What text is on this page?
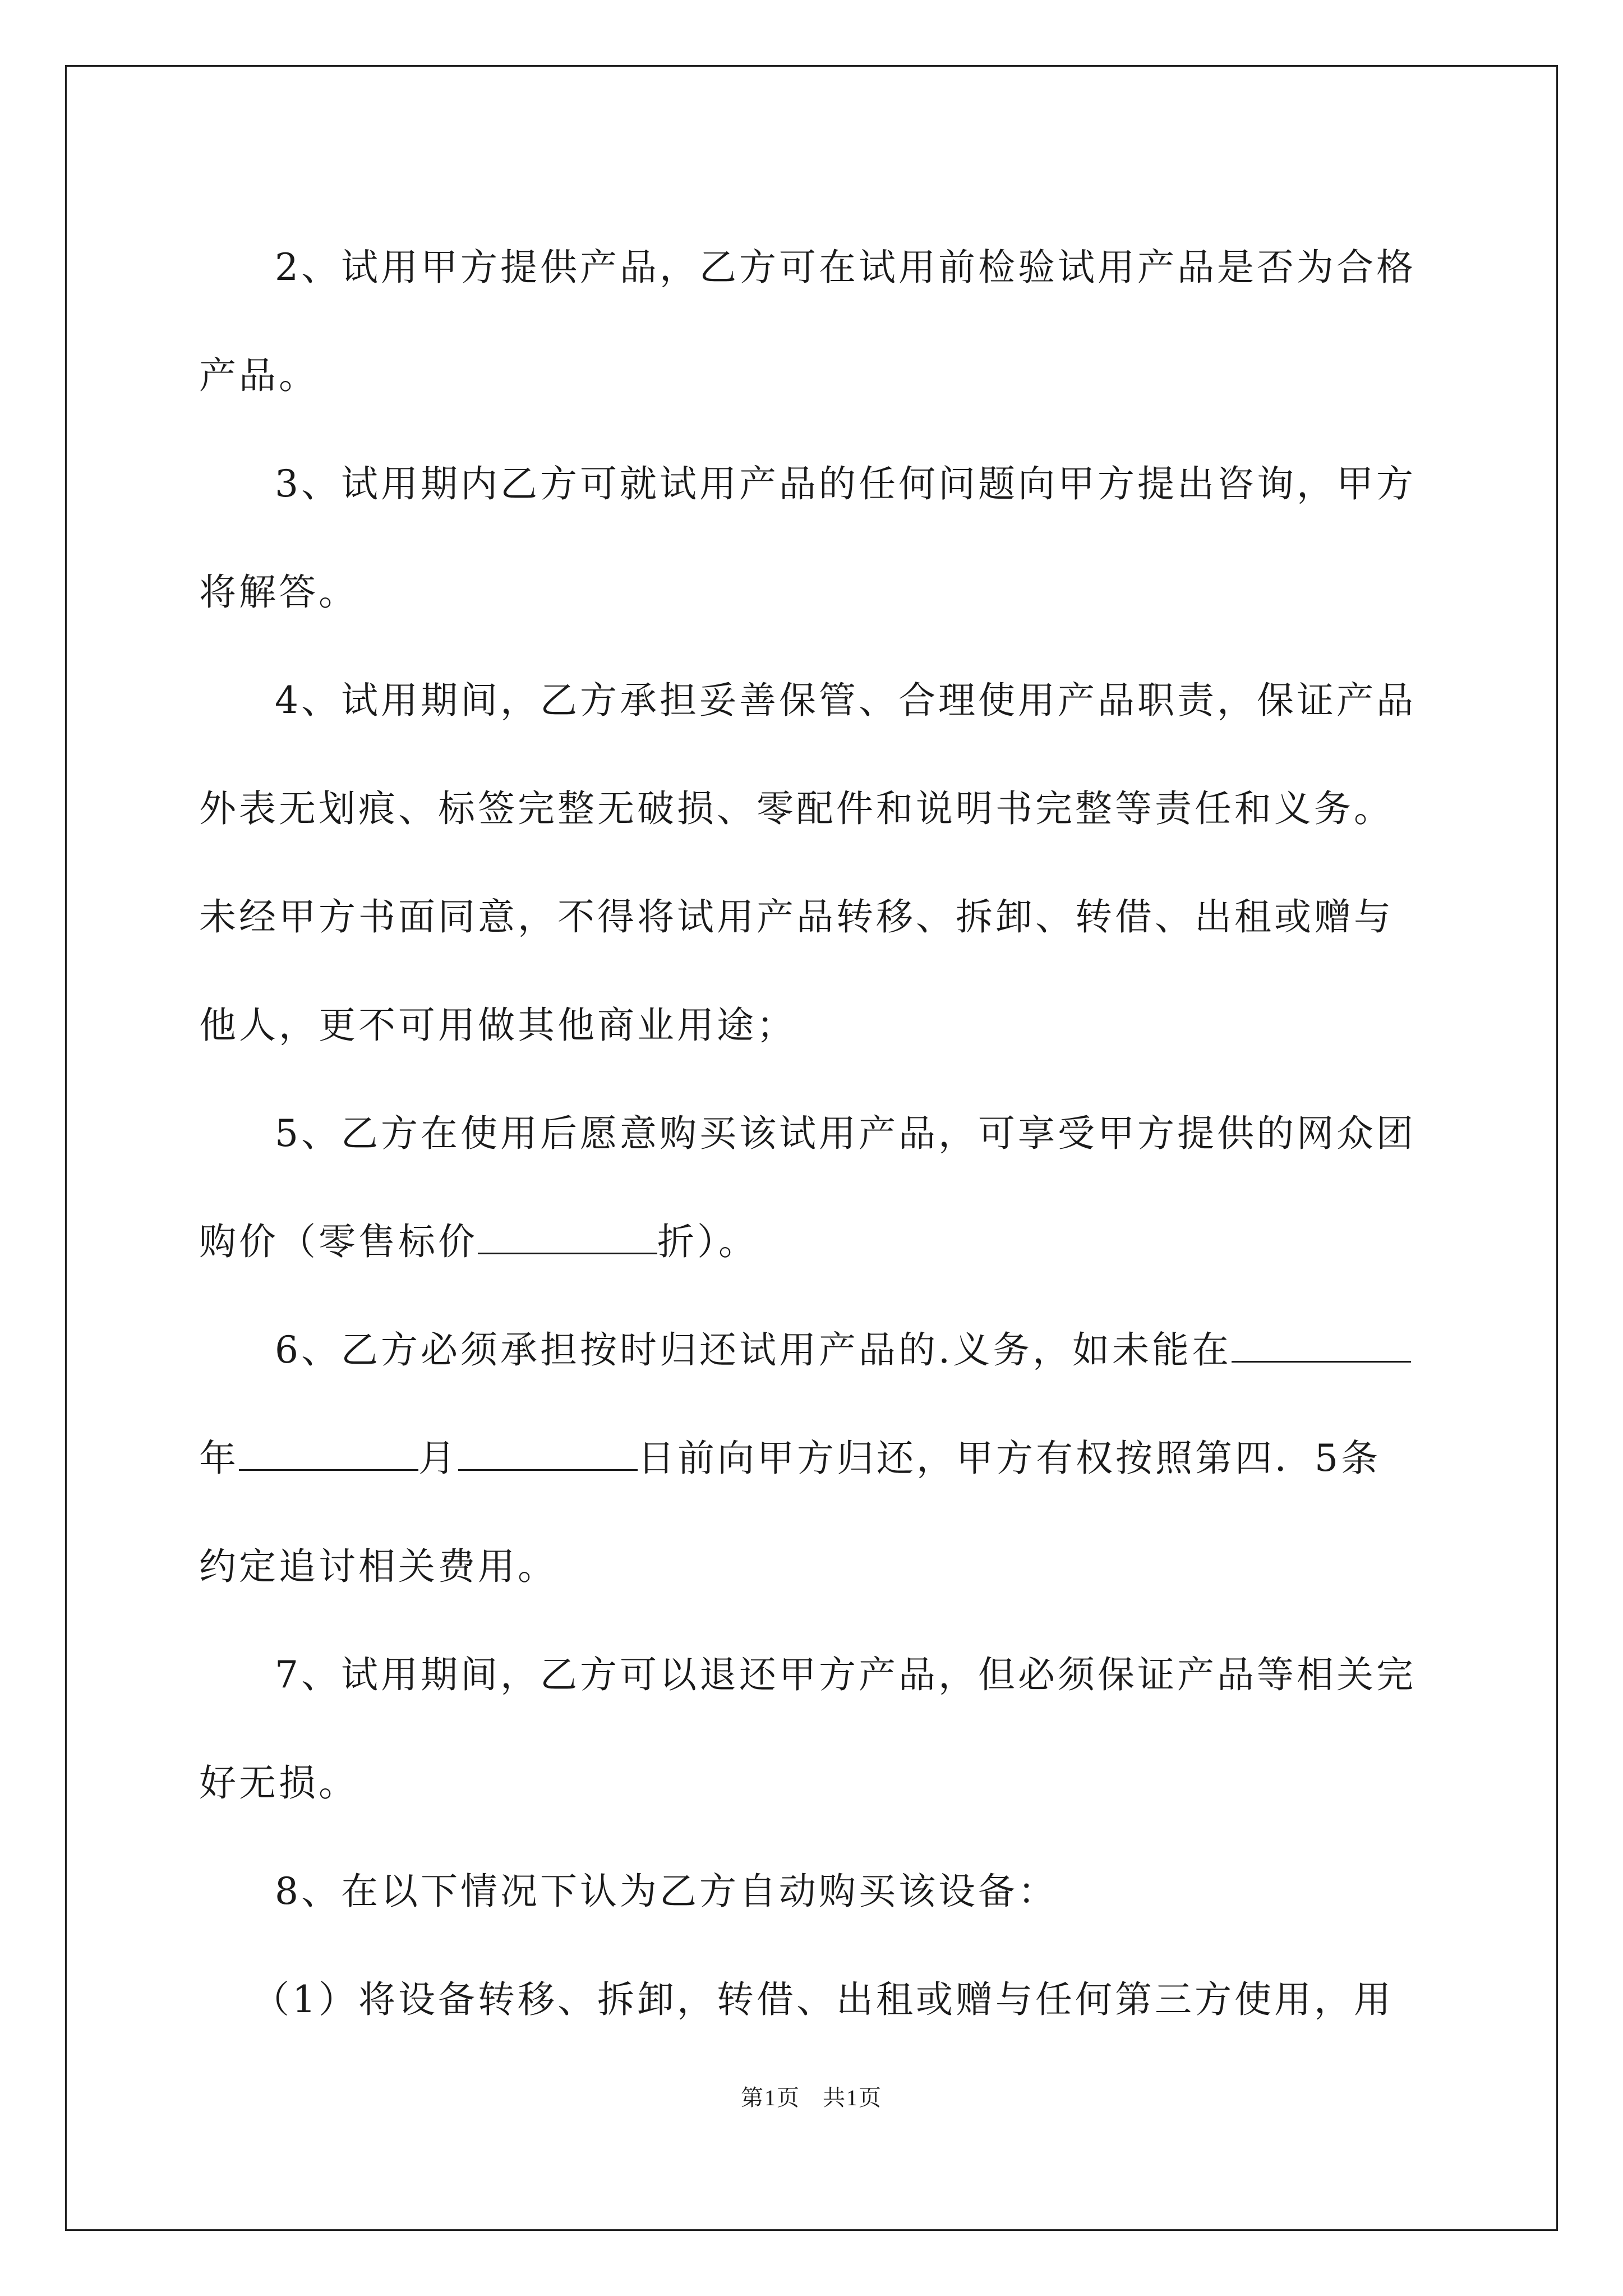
2、试用甲方提供产品，乙方可在试用前检验试用产品是否为合格

产品。

3、试用期内乙方可就试用产品的任何问题向甲方提出咨询，甲方

将解答。

4、试用期间，乙方承担妥善保管、合理使用产品职责，保证产品

外表无划痕、标签完整无破损、零配件和说明书完整等责任和义务。

未经甲方书面同意，不得将试用产品转移、拆卸、转借、出租或赠与

他人，更不可用做其他商业用途；

5、乙方在使用后愿意购买该试用产品，可享受甲方提供的网众团

购价（零售标价	折）。

6、乙方必须承担按时归还试用产品的.义务，如未能在

年	月	日前向甲方归还，甲方有权按照第四．5条

约定追讨相关费用。

7、试用期间，乙方可以退还甲方产品，但必须保证产品等相关完

好无损。

8、在以下情况下认为乙方自动购买该设备：

（1）将设备转移、拆卸，转借、出租或赠与任何第三方使用，用

第1页 共1页
